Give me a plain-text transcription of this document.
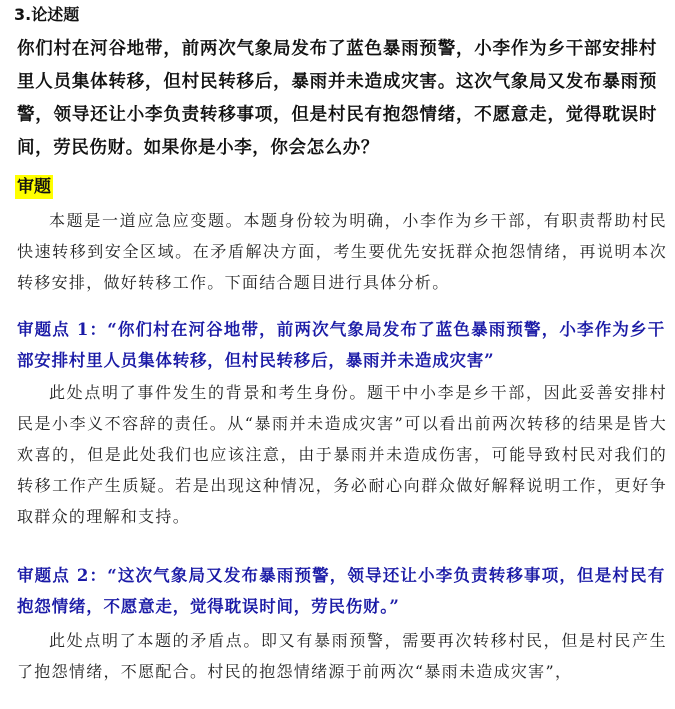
3.论述题
你们村在河谷地带，前两次气象局发布了蓝色暴雨预警，小李作为乡干部安排村里人员集体转移，但村民转移后，暴雨并未造成灾害。这次气象局又发布暴雨预警，领导还让小李负责转移事项，但是村民有抱怨情绪，不愿意走，觉得耽误时间，劳民伤财。如果你是小李，你会怎么办？
审题
本题是一道应急应变题。本题身份较为明确，小李作为乡干部，有职责帮助村民快速转移到安全区域。在矛盾解决方面，考生要优先安抚群众抱怨情绪，再说明本次转移安排，做好转移工作。下面结合题目进行具体分析。
审题点 1：“你们村在河谷地带，前两次气象局发布了蓝色暴雨预警，小李作为乡干部安排村里人员集体转移，但村民转移后，暴雨并未造成灾害”
此处点明了事件发生的背景和考生身份。题干中小李是乡干部，因此妥善安排村民是小李义不容辞的责任。从“暴雨并未造成灾害”可以看出前两次转移的结果是皆大欢喜的，但是此处我们也应该注意，由于暴雨并未造成伤害，可能导致村民对我们的转移工作产生质疑。若是出现这种情况，务必耐心向群众做好解释说明工作，更好争取群众的理解和支持。
审题点 2：“这次气象局又发布暴雨预警，领导还让小李负责转移事项，但是村民有抱怨情绪，不愿意走，觉得耽误时间，劳民伤财。”
此处点明了本题的矛盾点。即又有暴雨预警，需要再次转移村民，但是村民产生了抱怨情绪，不愿配合。村民的抱怨情绪源于前两次“暴雨未造成灾害”，
